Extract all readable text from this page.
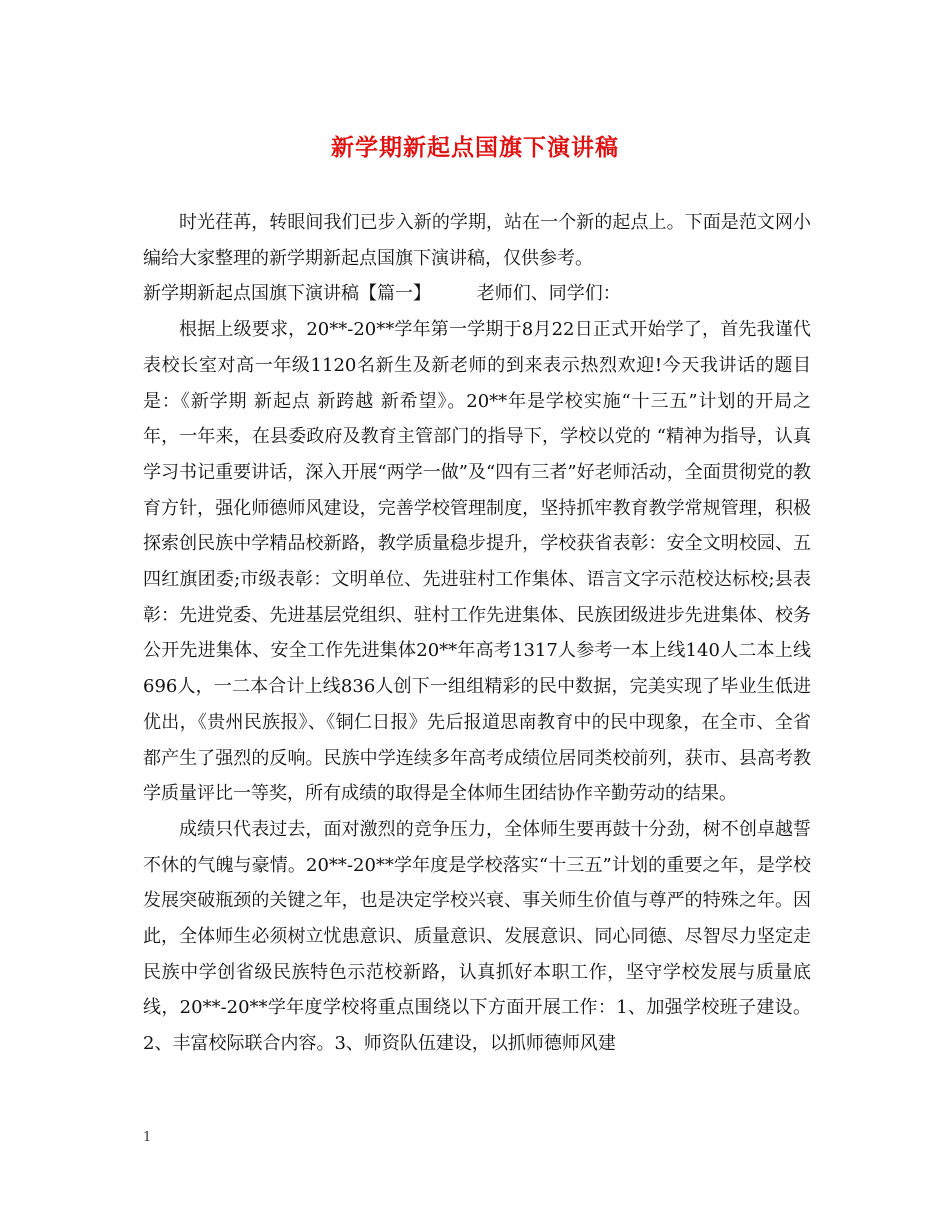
新学期新起点国旗下演讲稿

时光荏苒，转眼间我们已步入新的学期，站在一个新的起点上。下面是范文网小编给大家整理的新学期新起点国旗下演讲稿，仅供参考。

新学期新起点国旗下演讲稿【篇一】	老师们、同学们：

根据上级要求，20**-20**学年第一学期于8月22日正式开始学了，首先我谨代表校长室对高一年级1120名新生及新老师的到来表示热烈欢迎!今天我讲话的题目是：《新学期 新起点 新跨越 新希望》。20**年是学校实施“十三五”计划的开局之年，一年来，在县委政府及教育主管部门的指导下，学校以党的 “精神为指导，认真学习书记重要讲话，深入开展“两学一做”及“四有三者”好老师活动，全面贯彻党的教育方针，强化师德师风建设，完善学校管理制度，坚持抓牢教育教学常规管理，积极探索创民族中学精品校新路，教学质量稳步提升，学校获省表彰：安全文明校园、五四红旗团委;市级表彰：文明单位、先进驻村工作集体、语言文字示范校达标校;县表彰：先进党委、先进基层党组织、驻村工作先进集体、民族团级进步先进集体、校务公开先进集体、安全工作先进集体20**年高考1317人参考一本上线140人二本上线696人，一二本合计上线836人创下一组组精彩的民中数据，完美实现了毕业生低进优出，《贵州民族报》、《铜仁日报》先后报道思南教育中的民中现象，在全市、全省都产生了强烈的反响。民族中学连续多年高考成绩位居同类校前列，获市、县高考教学质量评比一等奖，所有成绩的取得是全体师生团结协作辛勤劳动的结果。

成绩只代表过去，面对激烈的竞争压力，全体师生要再鼓十分劲，树不创卓越誓不休的气魄与豪情。20**-20**学年度是学校落实“十三五”计划的重要之年，是学校发展突破瓶颈的关键之年，也是决定学校兴衰、事关师生价值与尊严的特殊之年。因此，全体师生必须树立忧患意识、质量意识、发展意识、同心同德、尽智尽力坚定走民族中学创省级民族特色示范校新路，认真抓好本职工作，坚守学校发展与质量底线，20**-20**学年度学校将重点围绕以下方面开展工作：1、加强学校班子建设。2、丰富校际联合内容。3、师资队伍建设，以抓师德师风建

1
